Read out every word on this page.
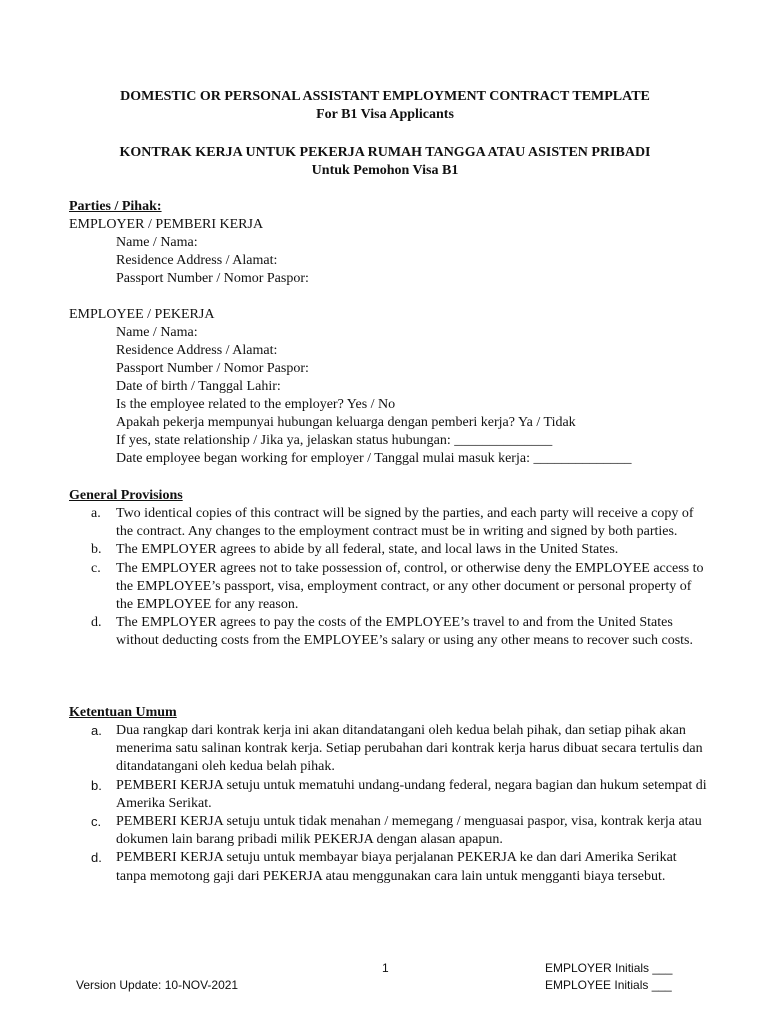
DOMESTIC OR PERSONAL ASSISTANT EMPLOYMENT CONTRACT TEMPLATE
For B1 Visa Applicants
KONTRAK KERJA UNTUK PEKERJA RUMAH TANGGA ATAU ASISTEN PRIBADI
Untuk Pemohon Visa B1
Parties / Pihak:
EMPLOYER / PEMBERI KERJA
Name / Nama:
Residence Address / Alamat:
Passport Number / Nomor Paspor:
EMPLOYEE / PEKERJA
Name / Nama:
Residence Address / Alamat:
Passport Number / Nomor Paspor:
Date of birth / Tanggal Lahir:
Is the employee related to the employer? Yes / No
Apakah pekerja mempunyai hubungan keluarga dengan pemberi kerja? Ya / Tidak
If yes, state relationship / Jika ya, jelaskan status hubungan: ______________
Date employee began working for employer / Tanggal mulai masuk kerja: ______________
General Provisions
a. Two identical copies of this contract will be signed by the parties, and each party will receive a copy of the contract. Any changes to the employment contract must be in writing and signed by both parties.
b. The EMPLOYER agrees to abide by all federal, state, and local laws in the United States.
c. The EMPLOYER agrees not to take possession of, control, or otherwise deny the EMPLOYEE access to the EMPLOYEE’s passport, visa, employment contract, or any other document or personal property of the EMPLOYEE for any reason.
d. The EMPLOYER agrees to pay the costs of the EMPLOYEE’s travel to and from the United States without deducting costs from the EMPLOYEE’s salary or using any other means to recover such costs.
Ketentuan Umum
a. Dua rangkap dari kontrak kerja ini akan ditandatangani oleh kedua belah pihak, dan setiap pihak akan menerima satu salinan kontrak kerja. Setiap perubahan dari kontrak kerja harus dibuat secara tertulis dan ditandatangani oleh kedua belah pihak.
b. PEMBERI KERJA setuju untuk mematuhi undang-undang federal, negara bagian dan hukum setempat di Amerika Serikat.
c. PEMBERI KERJA setuju untuk tidak menahan / memegang / menguasai paspor, visa, kontrak kerja atau dokumen lain barang pribadi milik PEKERJA dengan alasan apapun.
d. PEMBERI KERJA setuju untuk membayar biaya perjalanan PEKERJA ke dan dari Amerika Serikat tanpa memotong gaji dari PEKERJA atau menggunakan cara lain untuk mengganti biaya tersebut.
1
Version Update: 10-NOV-2021
EMPLOYER Initials ___
EMPLOYEE Initials ___
